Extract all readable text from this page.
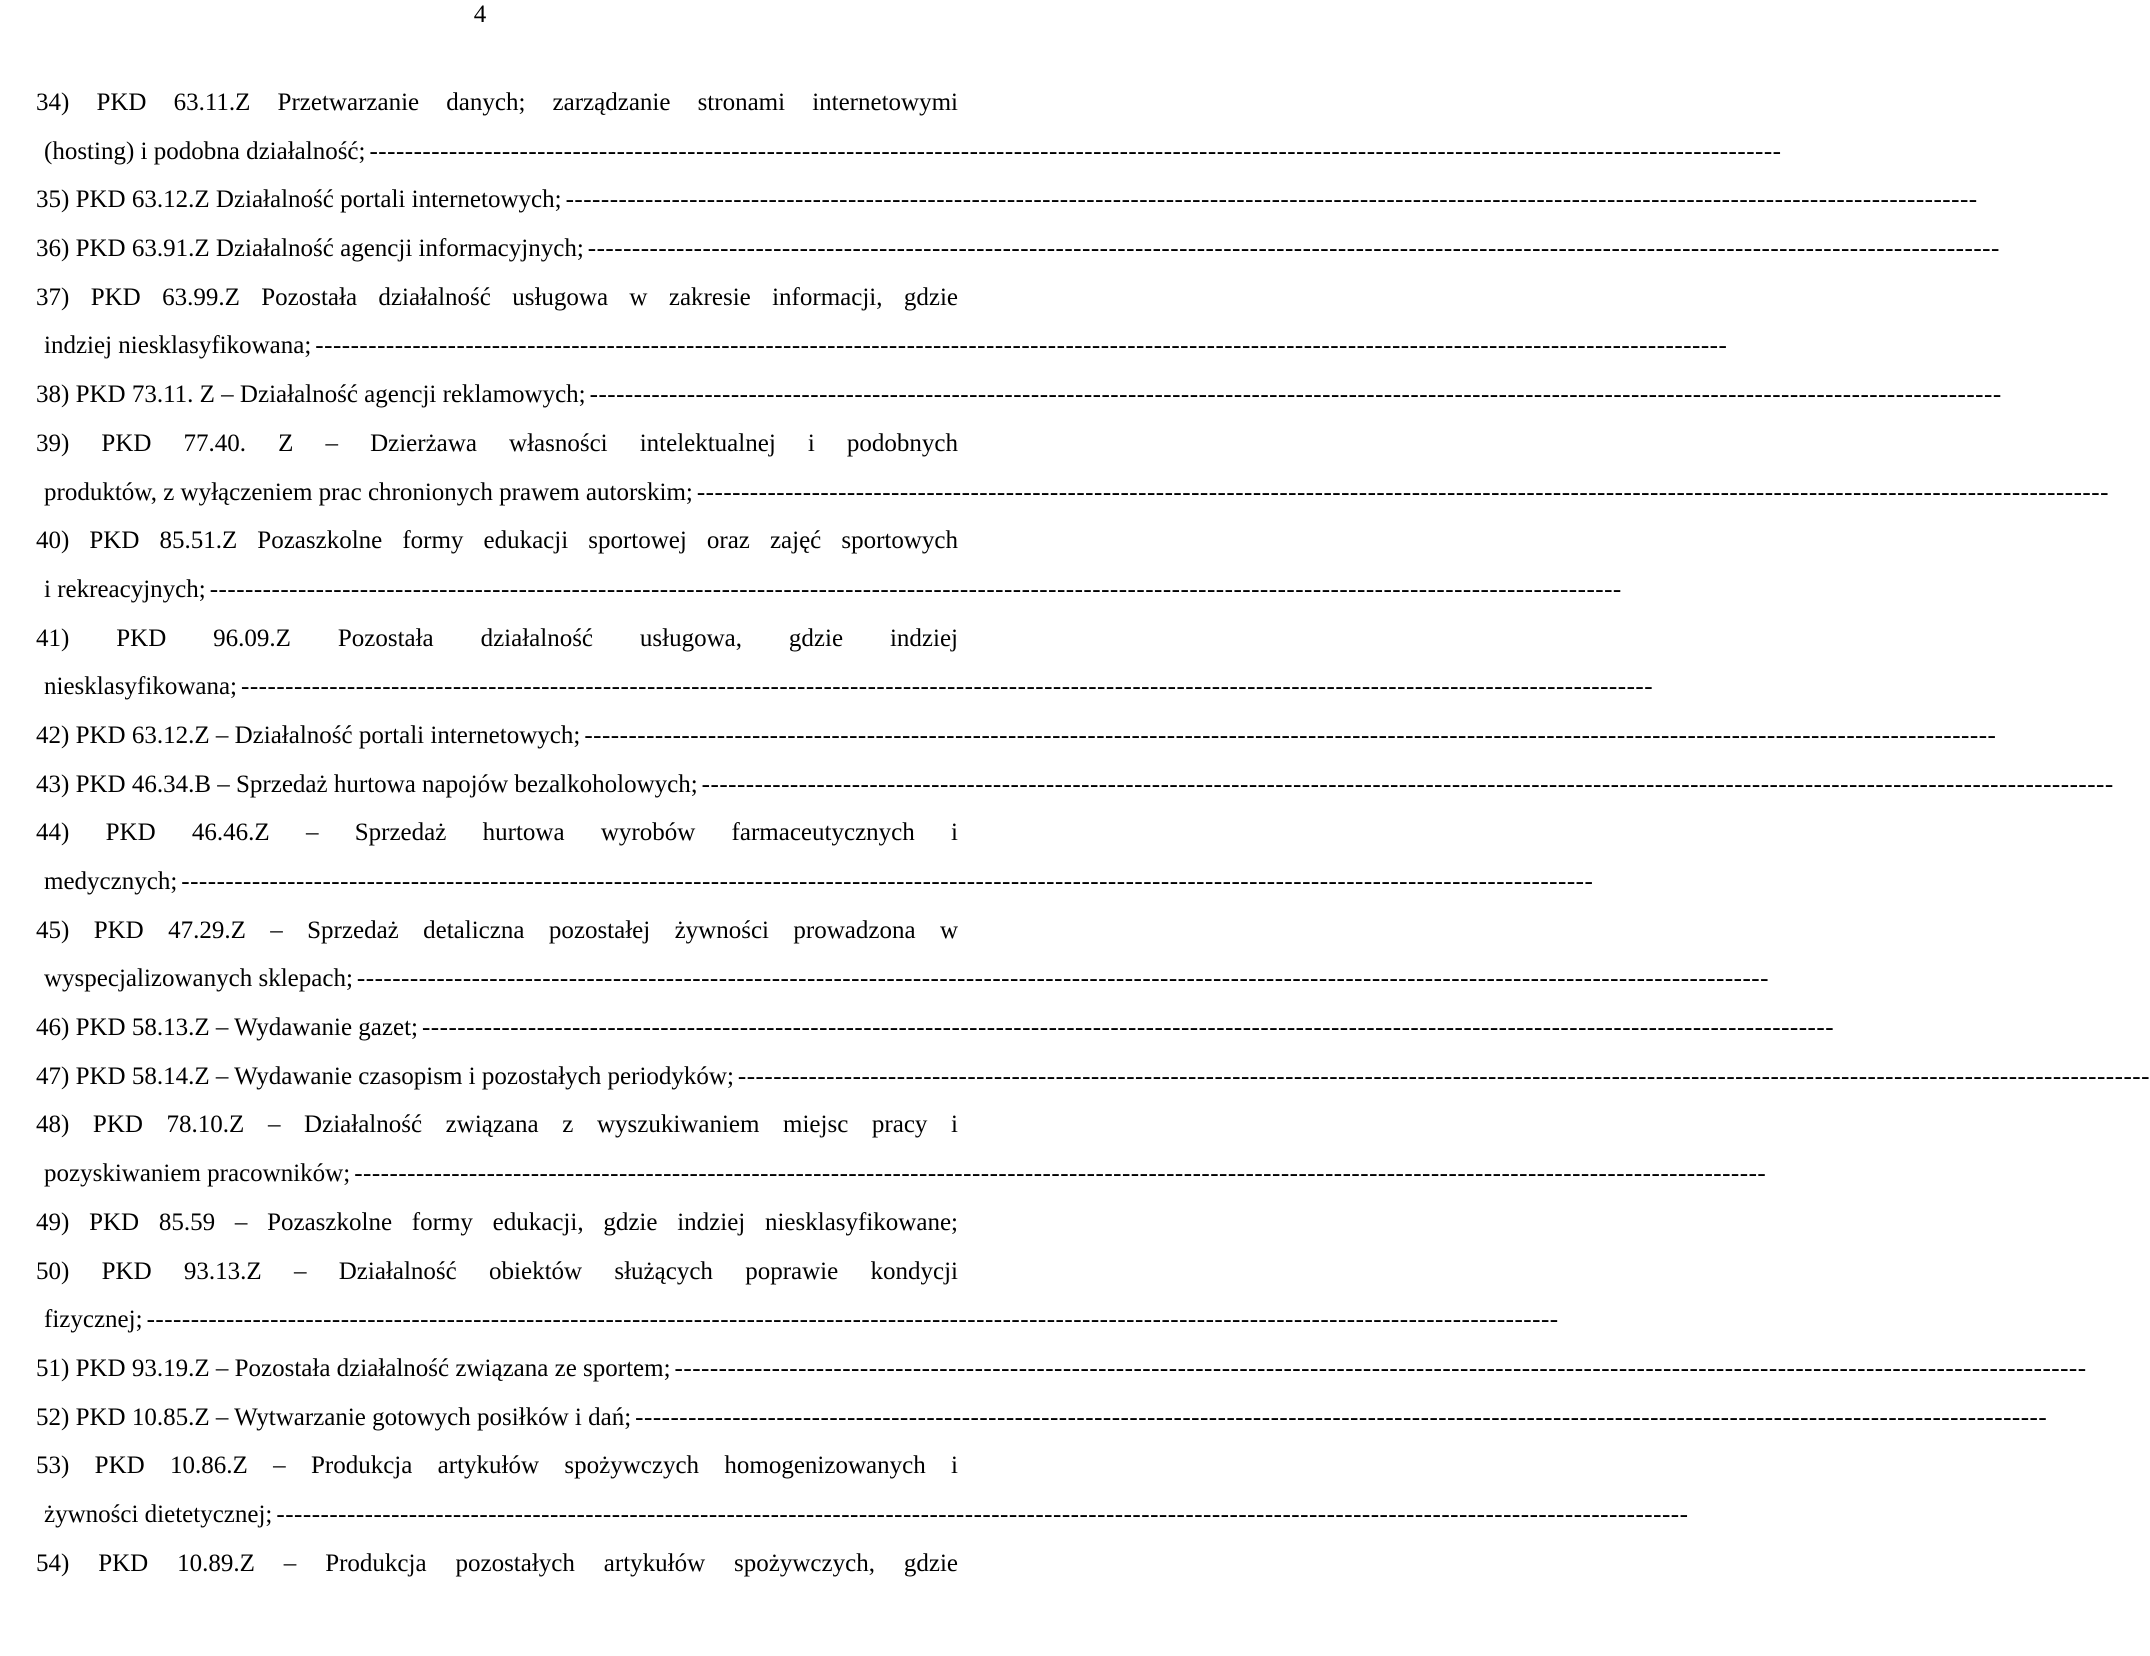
4
34) PKD 63.11.Z Przetwarzanie danych; zarządzanie stronami internetowymi
(hosting) i podobna działalność; ----------------------------------------------------------------------------------------------------------------------------------------------------------------
35) PKD 63.12.Z Działalność portali internetowych; ----------------------------------------------------------------------------------------------------------------------------------------------------------------
36) PKD 63.91.Z Działalność agencji informacyjnych; ----------------------------------------------------------------------------------------------------------------------------------------------------------------
37) PKD 63.99.Z Pozostała działalność usługowa w zakresie informacji, gdzie
indziej niesklasyfikowana; ----------------------------------------------------------------------------------------------------------------------------------------------------------------
38) PKD 73.11. Z – Działalność agencji reklamowych; ----------------------------------------------------------------------------------------------------------------------------------------------------------------
39) PKD 77.40. Z – Dzierżawa własności intelektualnej i podobnych
produktów, z wyłączeniem prac chronionych prawem autorskim; ----------------------------------------------------------------------------------------------------------------------------------------------------------------
40) PKD 85.51.Z Pozaszkolne formy edukacji sportowej oraz zajęć sportowych
i rekreacyjnych; ----------------------------------------------------------------------------------------------------------------------------------------------------------------
41) PKD 96.09.Z Pozostała działalność usługowa, gdzie indziej
niesklasyfikowana; ----------------------------------------------------------------------------------------------------------------------------------------------------------------
42) PKD 63.12.Z – Działalność portali internetowych; ----------------------------------------------------------------------------------------------------------------------------------------------------------------
43) PKD 46.34.B – Sprzedaż hurtowa napojów bezalkoholowych; ----------------------------------------------------------------------------------------------------------------------------------------------------------------
44) PKD 46.46.Z – Sprzedaż hurtowa wyrobów farmaceutycznych i
medycznych; ----------------------------------------------------------------------------------------------------------------------------------------------------------------
45) PKD 47.29.Z – Sprzedaż detaliczna pozostałej żywności prowadzona w
wyspecjalizowanych sklepach; ----------------------------------------------------------------------------------------------------------------------------------------------------------------
46) PKD 58.13.Z – Wydawanie gazet; ----------------------------------------------------------------------------------------------------------------------------------------------------------------
47) PKD 58.14.Z – Wydawanie czasopism i pozostałych periodyków; ----------------------------------------------------------------------------------------------------------------------------------------------------------------
48) PKD 78.10.Z – Działalność związana z wyszukiwaniem miejsc pracy i
pozyskiwaniem pracowników; ----------------------------------------------------------------------------------------------------------------------------------------------------------------
49) PKD 85.59 – Pozaszkolne formy edukacji, gdzie indziej niesklasyfikowane;
50) PKD 93.13.Z – Działalność obiektów służących poprawie kondycji
fizycznej; ----------------------------------------------------------------------------------------------------------------------------------------------------------------
51) PKD 93.19.Z – Pozostała działalność związana ze sportem; ----------------------------------------------------------------------------------------------------------------------------------------------------------------
52) PKD 10.85.Z – Wytwarzanie gotowych posiłków i dań; ----------------------------------------------------------------------------------------------------------------------------------------------------------------
53) PKD 10.86.Z – Produkcja artykułów spożywczych homogenizowanych i
żywności dietetycznej; ----------------------------------------------------------------------------------------------------------------------------------------------------------------
54) PKD 10.89.Z – Produkcja pozostałych artykułów spożywczych, gdzie
